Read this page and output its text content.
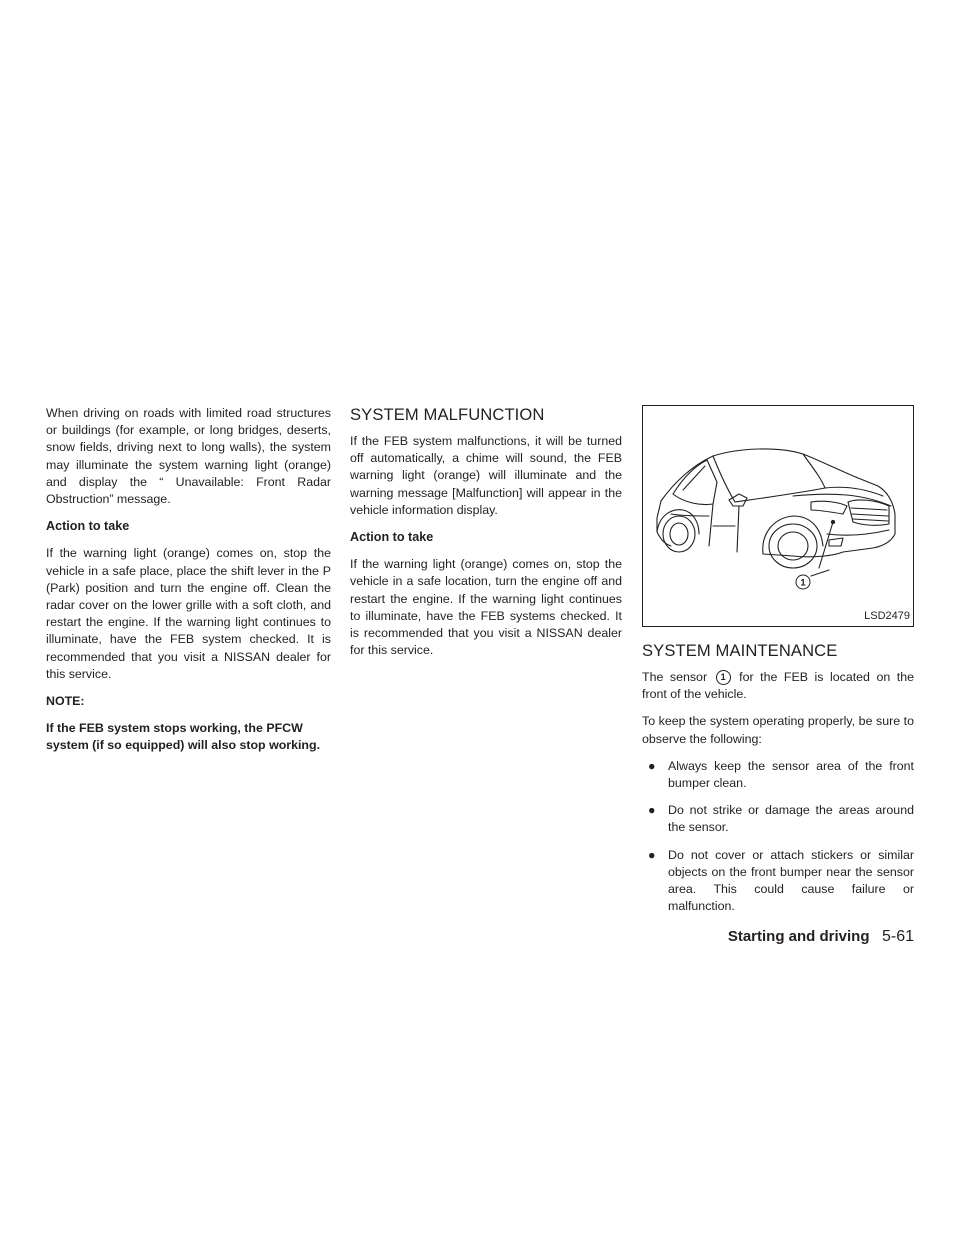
When driving on roads with limited road structures or buildings (for example, or long bridges, deserts, snow fields, driving next to long walls), the system may illuminate the system warning light (orange) and display the “ Unavailable: Front Radar Obstruction” message.

Action to take

If the warning light (orange) comes on, stop the vehicle in a safe place, place the shift lever in the P (Park) position and turn the engine off. Clean the radar cover on the lower grille with a soft cloth, and restart the engine. If the warning light continues to illuminate, have the FEB system checked. It is recommended that you visit a NISSAN dealer for this service.

NOTE:

If the FEB system stops working, the PFCW system (if so equipped) will also stop working.

SYSTEM MALFUNCTION

If the FEB system malfunctions, it will be turned off automatically, a chime will sound, the FEB warning light (orange) will illuminate and the warning message [Malfunction] will appear in the vehicle information display.

Action to take

If the warning light (orange) comes on, stop the vehicle in a safe location, turn the engine off and restart the engine. If the warning light continues to illuminate, have the FEB systems checked. It is recommended that you visit a NISSAN dealer for this service.

1
LSD2479
SYSTEM MAINTENANCE

The sensor 1 for the FEB is located on the front of the vehicle.

To keep the system operating properly, be sure to observe the following:

● Always keep the sensor area of the front bumper clean.
● Do not strike or damage the areas around the sensor.
● Do not cover or attach stickers or similar objects on the front bumper near the sensor area. This could cause failure or malfunction.
Starting and driving 5-61
